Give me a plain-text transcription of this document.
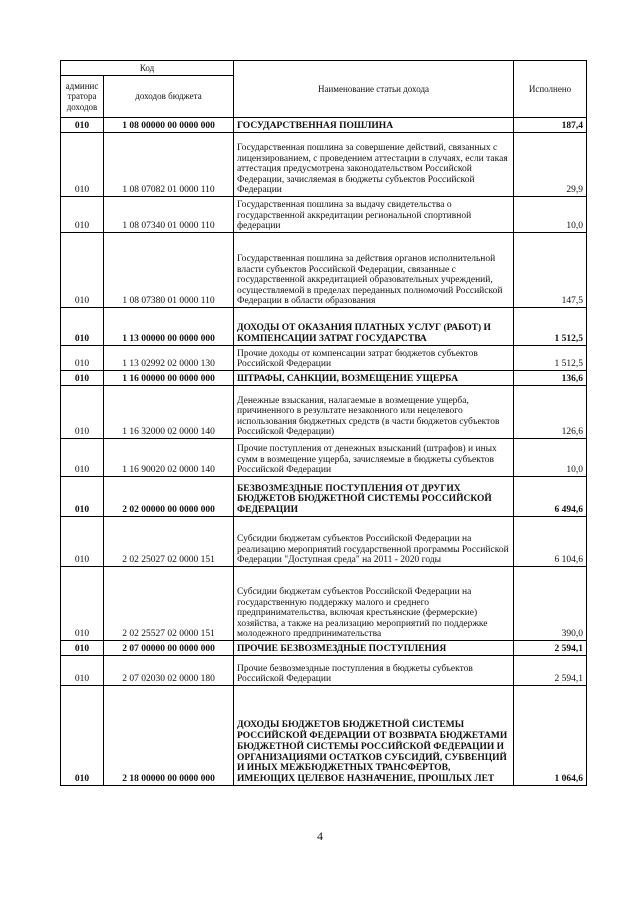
Код		Наименование статьи дохода	Исполнено
админис тратора доходов	доходов бюджета		
010	1 08 00000 00 0000 000	ГОСУДАРСТВЕННАЯ ПОШЛИНА	187,4
010	1 08 07082 01 0000 110	Государственная пошлина за совершение действий, связанных с лицензированием, с проведением аттестации в случаях, если такая аттестация предусмотрена законодательством Российской Федерации, зачисляемая в бюджеты субъектов Российской Федерации	29,9
010	1 08 07340 01 0000 110	Государственная пошлина за выдачу свидетельства о государственной аккредитации региональной спортивной федерации	10,0
010	1 08 07380 01 0000 110	Государственная пошлина за действия органов исполнительной власти субъектов Российской Федерации, связанные с государственной аккредитацией образовательных учреждений, осуществляемой в пределах переданных полномочий Российской Федерации в области образования	147,5
010	1 13 00000 00 0000 000	ДОХОДЫ ОТ ОКАЗАНИЯ ПЛАТНЫХ УСЛУГ (РАБОТ) И КОМПЕНСАЦИИ ЗАТРАТ ГОСУДАРСТВА	1 512,5
010	1 13 02992 02 0000 130	Прочие доходы от компенсации затрат бюджетов субъектов Российской Федерации	1 512,5
010	1 16 00000 00 0000 000	ШТРАФЫ, САНКЦИИ, ВОЗМЕЩЕНИЕ УЩЕРБА	136,6
010	1 16 32000 02 0000 140	Денежные взыскания, налагаемые в возмещение ущерба, причиненного в результате незаконного или нецелевого использования бюджетных средств (в части бюджетов субъектов Российской Федерации)	126,6
010	1 16 90020 02 0000 140	Прочие поступления от денежных взысканий (штрафов) и иных сумм в возмещение ущерба, зачисляемые в бюджеты субъектов Российской Федерации	10,0
010	2 02 00000 00 0000 000	БЕЗВОЗМЕЗДНЫЕ ПОСТУПЛЕНИЯ ОТ ДРУГИХ БЮДЖЕТОВ БЮДЖЕТНОЙ СИСТЕМЫ РОССИЙСКОЙ ФЕДЕРАЦИИ	6 494,6
010	2 02 25027 02 0000 151	Субсидии бюджетам субъектов Российской Федерации на реализацию мероприятий государственной программы Российской Федерации "Доступная среда" на 2011 - 2020 годы	6 104,6
010	2 02 25527 02 0000 151	Субсидии бюджетам субъектов Российской Федерации на государственную поддержку малого и среднего предпринимательства, включая крестьянские (фермерские) хозяйства, а также на реализацию мероприятий по поддержке молодежного предпринимательства	390,0
010	2 07 00000 00 0000 000	ПРОЧИЕ БЕЗВОЗМЕЗДНЫЕ ПОСТУПЛЕНИЯ	2 594,1
010	2 07 02030 02 0000 180	Прочие безвозмездные поступления в бюджеты субъектов Российской Федерации	2 594,1
010	2 18 00000 00 0000 000	ДОХОДЫ БЮДЖЕТОВ БЮДЖЕТНОЙ СИСТЕМЫ РОССИЙСКОЙ ФЕДЕРАЦИИ ОТ ВОЗВРАТА БЮДЖЕТАМИ БЮДЖЕТНОЙ СИСТЕМЫ РОССИЙСКОЙ ФЕДЕРАЦИИ И ОРГАНИЗАЦИЯМИ ОСТАТКОВ СУБСИДИЙ, СУБВЕНЦИЙ И ИНЫХ МЕЖБЮДЖЕТНЫХ ТРАНСФЕРТОВ, ИМЕЮЩИХ ЦЕЛЕВОЕ НАЗНАЧЕНИЕ, ПРОШЛЫХ ЛЕТ	1 064,6
4
